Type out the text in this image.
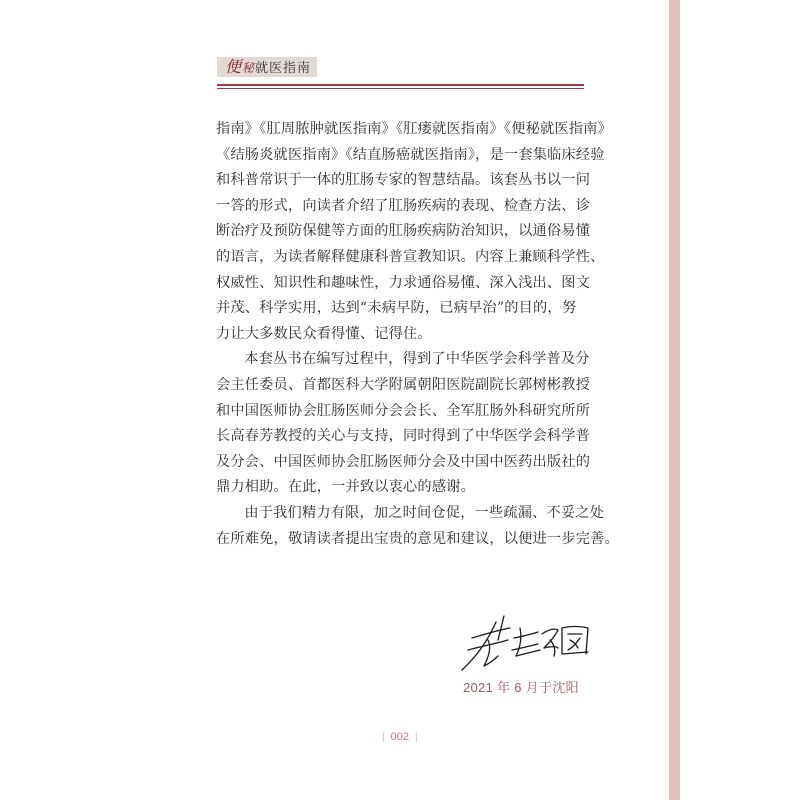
便秘就医指南

指南》《肛周脓肿就医指南》《肛瘘就医指南》《便秘就医指南》
《结肠炎就医指南》《结直肠癌就医指南》，是一套集临床经验
和科普常识于一体的肛肠专家的智慧结晶。该套丛书以一问
一答的形式，向读者介绍了肛肠疾病的表现、检查方法、诊
断治疗及预防保健等方面的肛肠疾病防治知识，以通俗易懂
的语言，为读者解释健康科普宣教知识。内容上兼顾科学性、
权威性、知识性和趣味性，力求通俗易懂、深入浅出、图文
并茂、科学实用，达到“未病早防，已病早治”的目的，努
力让大多数民众看得懂、记得住。

本套丛书在编写过程中，得到了中华医学会科学普及分
会主任委员、首都医科大学附属朝阳医院副院长郭树彬教授
和中国医师协会肛肠医师分会会长、全军肛肠外科研究所所
长高春芳教授的关心与支持，同时得到了中华医学会科学普
及分会、中国医师协会肛肠医师分会及中国中医药出版社的
鼎力相助。在此，一并致以衷心的感谢。

由于我们精力有限，加之时间仓促，一些疏漏、不妥之处
在所难免，敬请读者提出宝贵的意见和建议，以便进一步完善。

2021 年 6 月于沈阳
| 002 |
